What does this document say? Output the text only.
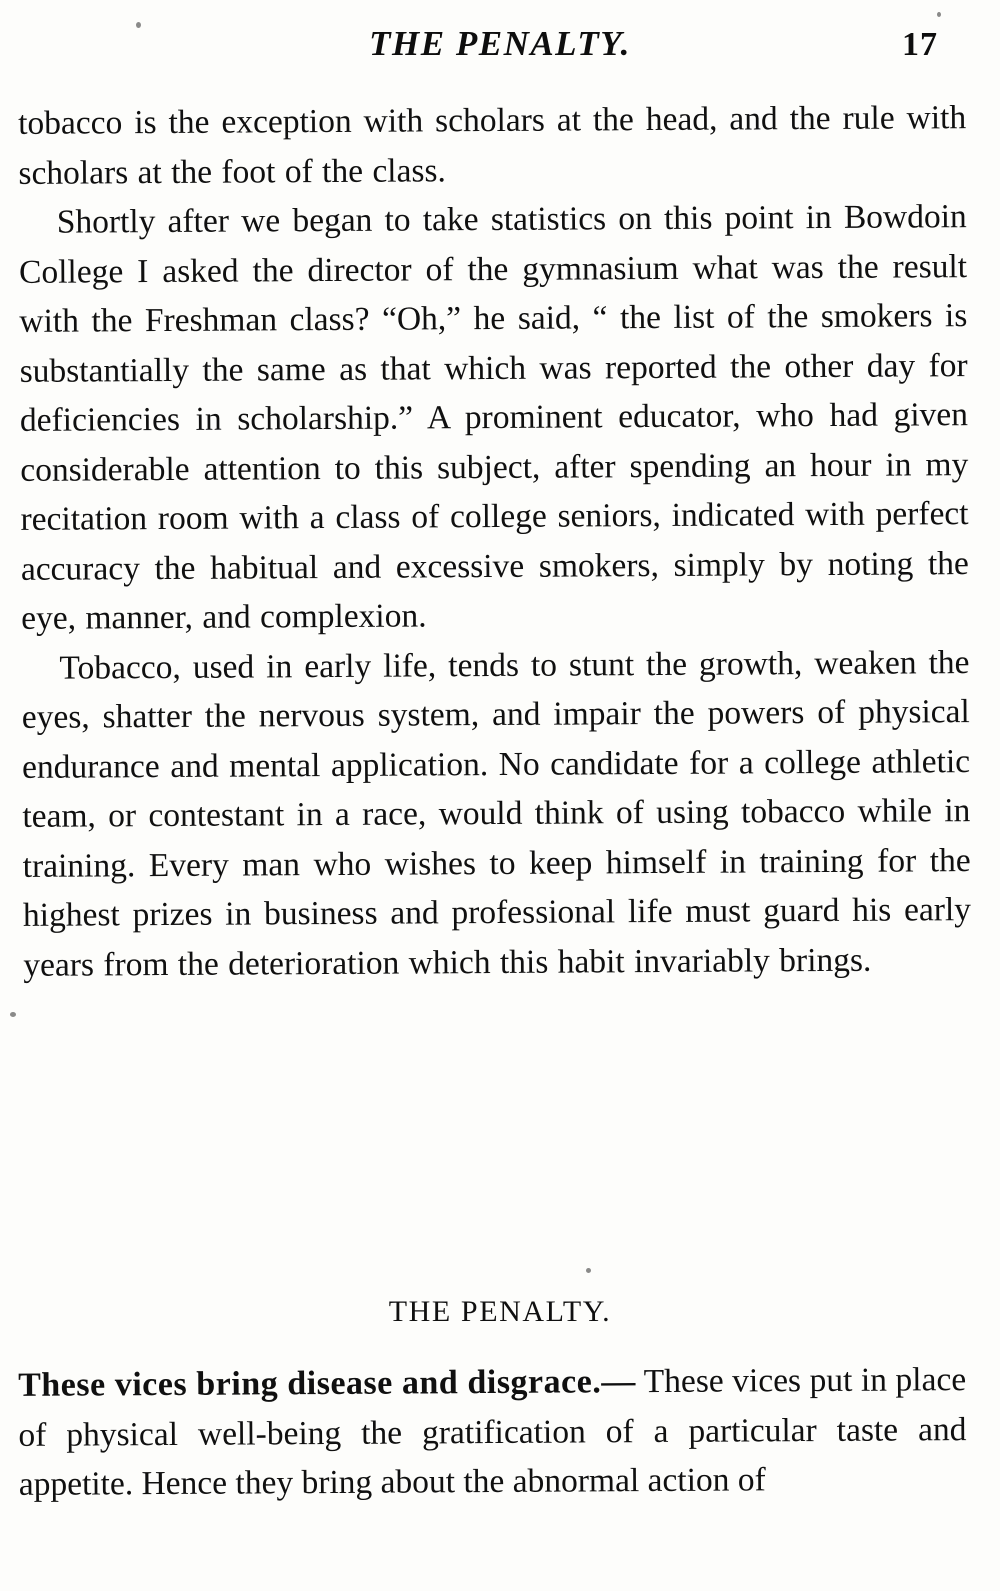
THE PENALTY.	17

tobacco is the exception with scholars at the head, and the rule with scholars at the foot of the class.

Shortly after we began to take statistics on this point in Bowdoin College I asked the director of the gymnasium what was the result with the Freshman class? “Oh,” he said, “ the list of the smokers is substantially the same as that which was reported the other day for deficiencies in scholarship.” A prominent educator, who had given considerable attention to this subject, after spending an hour in my recitation room with a class of college seniors, indicated with perfect accuracy the habitual and excessive smokers, simply by noting the eye, manner, and complexion.

Tobacco, used in early life, tends to stunt the growth, weaken the eyes, shatter the nervous system, and impair the powers of physical endurance and mental application. No candidate for a college athletic team, or contestant in a race, would think of using tobacco while in training. Every man who wishes to keep himself in training for the highest prizes in business and professional life must guard his early years from the deterioration which this habit invariably brings.

THE PENALTY.

These vices bring disease and disgrace.— These vices put in place of physical well-being the gratification of a particular taste and appetite. Hence they bring about the abnormal action of
